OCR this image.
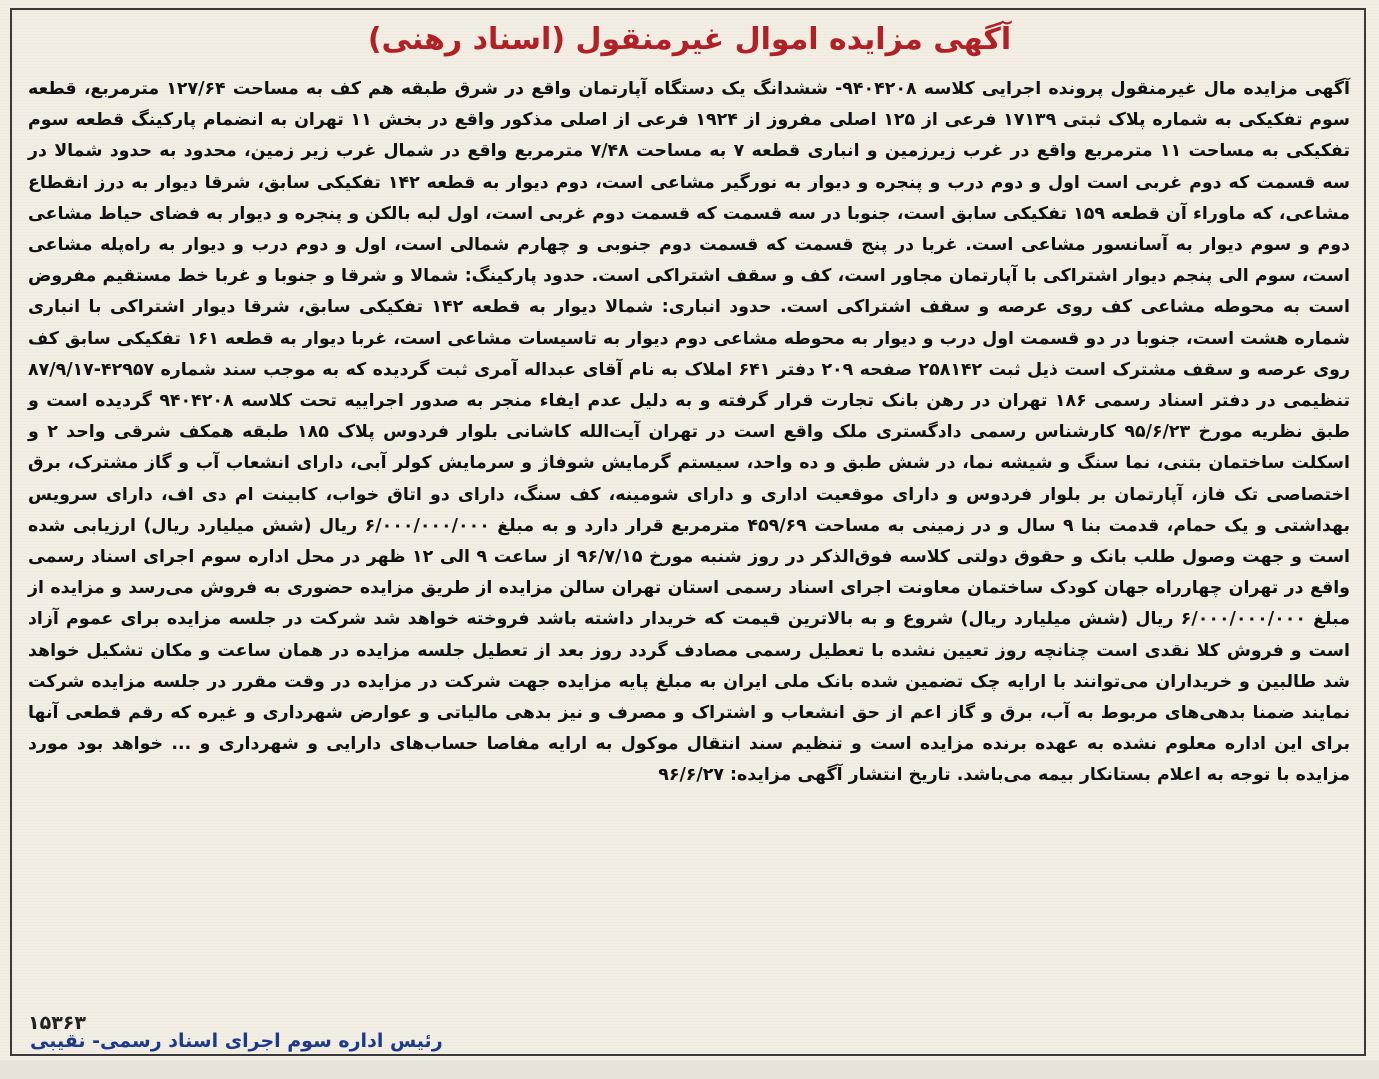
آگهی مزایده اموال غیرمنقول (اسناد رهنی)
آگهی مزایده مال غیرمنقول پرونده اجرایی کلاسه ۹۴۰۴۲۰۸- ششدانگ یک دستگاه آپارتمان واقع در شرق طبقه هم کف به مساحت ۱۲۷/۶۴ مترمربع، قطعه سوم تفکیکی به شماره پلاک ثبتی ۱۷۱۳۹ فرعی از ۱۲۵ اصلی مفروز از ۱۹۲۴ فرعی از اصلی مذکور واقع در بخش ۱۱ تهران به انضمام پارکینگ قطعه سوم تفکیکی به مساحت ۱۱ مترمربع واقع در غرب زیرزمین و انباری قطعه ۷ به مساحت ۷/۴۸ مترمربع واقع در شمال غرب زیر زمین، محدود به حدود شمالا در سه قسمت که دوم غربی است اول و دوم درب و پنجره و دیوار به نورگیر مشاعی است، دوم دیوار به قطعه ۱۴۲ تفکیکی سابق، شرقا دیوار به درز انقطاع مشاعی، که ماوراء آن قطعه ۱۵۹ تفکیکی سابق است، جنوبا در سه قسمت که قسمت دوم غربی است، اول لبه بالکن و پنجره و دیوار به فضای حیاط مشاعی دوم و سوم دیوار به آسانسور مشاعی است. غربا در پنج قسمت که قسمت دوم جنوبی و چهارم شمالی است، اول و دوم درب و دیوار به راه‌پله مشاعی است، سوم الی پنجم دیوار اشتراکی با آپارتمان مجاور است، کف و سقف اشتراکی است. حدود پارکینگ: شمالا و شرقا و جنوبا و غربا خط مستقیم مفروض است به محوطه مشاعی کف روی عرصه و سقف اشتراکی است. حدود انباری: شمالا دیوار به قطعه ۱۴۲ تفکیکی سابق، شرقا دیوار اشتراکی با انباری شماره هشت است، جنوبا در دو قسمت اول درب و دیوار به محوطه مشاعی دوم دیوار به تاسیسات مشاعی است، غربا دیوار به قطعه ۱۶۱ تفکیکی سابق کف روی عرصه و سقف مشترک است ذیل ثبت ۲۵۸۱۴۲ صفحه ۲۰۹ دفتر ۶۴۱ املاک به نام آقای عبداله آمری ثبت گردیده که به موجب سند شماره ۴۲۹۵۷-۸۷/۹/۱۷ تنظیمی در دفتر اسناد رسمی ۱۸۶ تهران در رهن بانک تجارت قرار گرفته و به دلیل عدم ایفاء منجر به صدور اجراییه تحت کلاسه ۹۴۰۴۲۰۸ گردیده است و طبق نظریه مورخ ۹۵/۶/۲۳ کارشناس رسمی دادگستری ملک واقع است در تهران آیت‌الله کاشانی بلوار فردوس پلاک ۱۸۵ طبقه همکف شرقی واحد ۲ و اسکلت ساختمان بتنی، نما سنگ و شیشه نما، در شش طبق و ده واحد، سیستم گرمایش شوفاژ و سرمایش کولر آبی، دارای انشعاب آب و گاز مشترک، برق اختصاصی تک فاز، آپارتمان بر بلوار فردوس و دارای موقعیت اداری و دارای شومینه، کف سنگ، دارای دو اتاق خواب، کابینت ام دی اف، دارای سرویس بهداشتی و یک حمام، قدمت بنا ۹ سال و در زمینی به مساحت ۴۵۹/۶۹ مترمربع قرار دارد و به مبلغ ۶/۰۰۰/۰۰۰/۰۰۰ ریال (شش میلیارد ریال) ارزیابی شده است و جهت وصول طلب بانک و حقوق دولتی کلاسه فوق‌الذکر در روز شنبه مورخ ۹۶/۷/۱۵ از ساعت ۹ الی ۱۲ ظهر در محل اداره سوم اجرای اسناد رسمی واقع در تهران چهارراه جهان کودک ساختمان معاونت اجرای اسناد رسمی استان تهران سالن مزایده از طریق مزایده حضوری به فروش می‌رسد و مزایده از مبلغ ۶/۰۰۰/۰۰۰/۰۰۰ ریال (شش میلیارد ریال) شروع و به بالاترین قیمت که خریدار داشته باشد فروخته خواهد شد شرکت در جلسه مزایده برای عموم آزاد است و فروش کلا نقدی است چنانچه روز تعیین نشده با تعطیل رسمی مصادف گردد روز بعد از تعطیل جلسه مزایده در همان ساعت و مکان تشکیل خواهد شد طالبین و خریداران می‌توانند با ارایه چک تضمین شده بانک ملی ایران به مبلغ پایه مزایده جهت شرکت در مزایده در وقت مقرر در جلسه مزایده شرکت نمایند ضمنا بدهی‌های مربوط به آب، برق و گاز اعم از حق انشعاب و اشتراک و مصرف و نیز بدهی مالیاتی و عوارض شهرداری و غیره که رقم قطعی آنها برای این اداره معلوم نشده به عهده برنده مزایده است و تنظیم سند انتقال موکول به ارایه مفاصا حساب‌های دارایی و شهرداری و ... خواهد بود مورد مزایده با توجه به اعلام بستانکار بیمه می‌باشد. تاریخ انتشار آگهی مزایده: ۹۶/۶/۲۷
۱۵۳۶۳
رئیس اداره سوم اجرای اسناد رسمی- نقیبی
